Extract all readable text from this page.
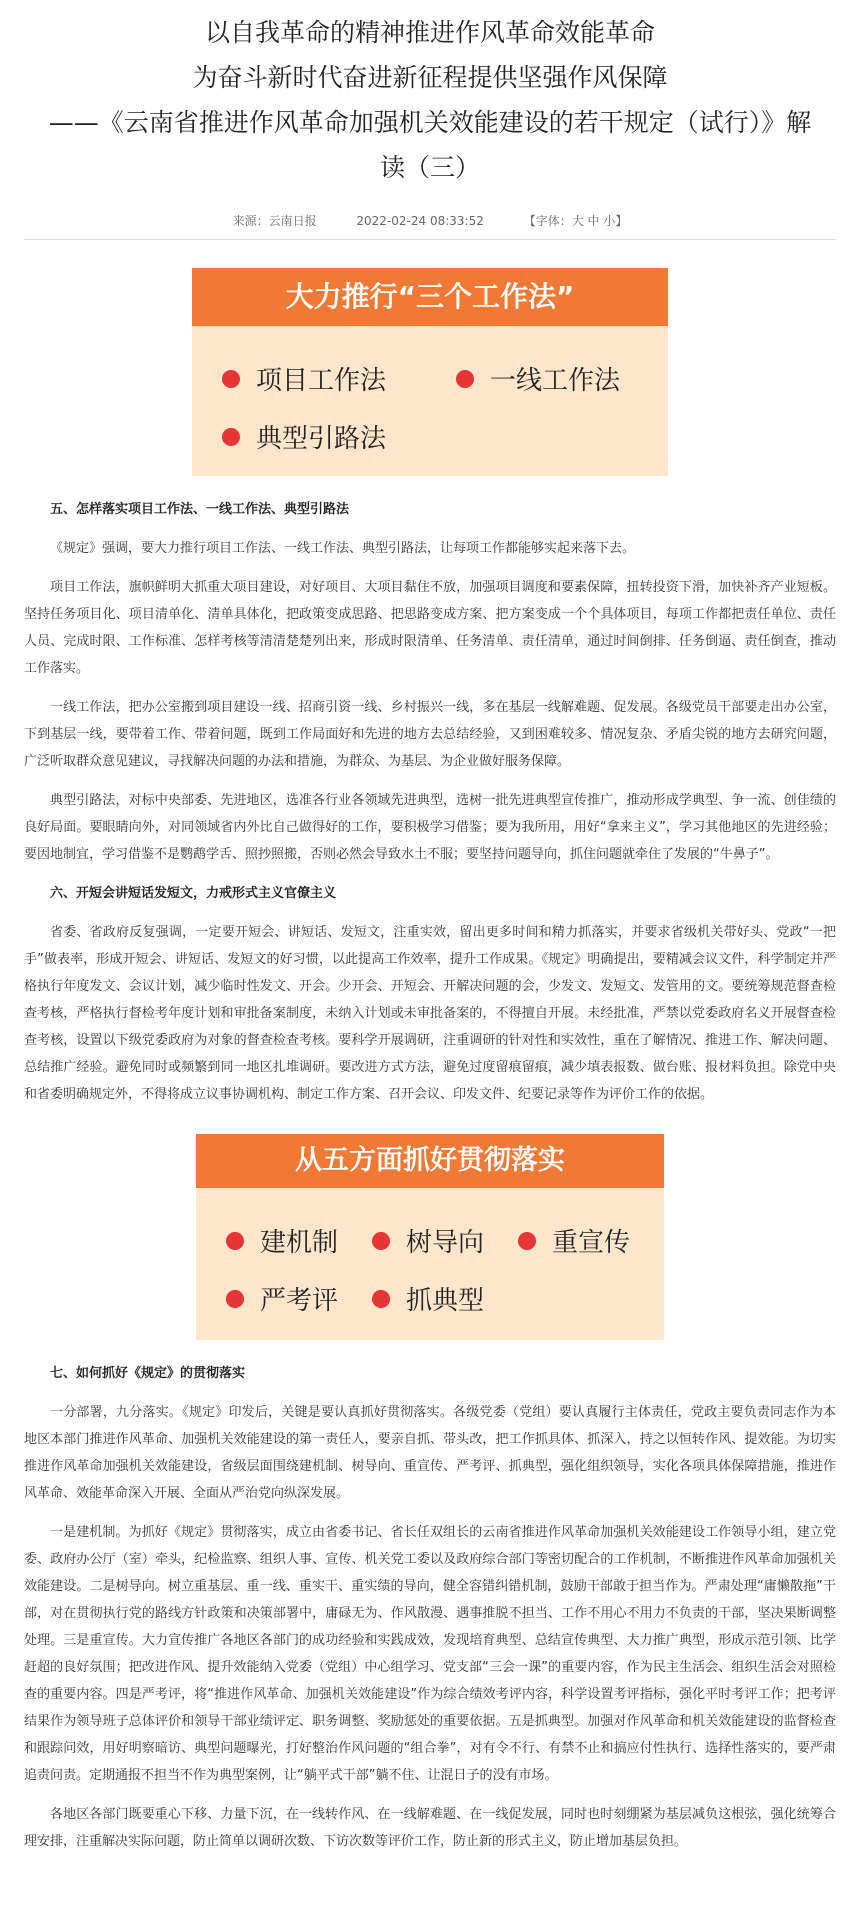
以自我革命的精神推进作风革命效能革命
为奋斗新时代奋进新征程提供坚强作风保障
——《云南省推进作风革命加强机关效能建设的若干规定（试行）》解
读（三）
来源：云南日报	2022-02-24 08:33:52	【字体：大 中 小】
大力推行“三个工作法”
项目工作法	一线工作法
典型引路法
五、怎样落实项目工作法、一线工作法、典型引路法

《规定》强调，要大力推行项目工作法、一线工作法、典型引路法，让每项工作都能够实起来落下去。

项目工作法，旗帜鲜明大抓重大项目建设，对好项目、大项目黏住不放，加强项目调度和要素保障，扭转投资下滑，加快补齐产业短板。坚持任务项目化、项目清单化、清单具体化，把政策变成思路、把思路变成方案、把方案变成一个个具体项目，每项工作都把责任单位、责任人员、完成时限、工作标准、怎样考核等清清楚楚列出来，形成时限清单、任务清单、责任清单，通过时间倒排、任务倒逼、责任倒查，推动工作落实。

一线工作法，把办公室搬到项目建设一线、招商引资一线、乡村振兴一线，多在基层一线解难题、促发展。各级党员干部要走出办公室，下到基层一线，要带着工作、带着问题，既到工作局面好和先进的地方去总结经验，又到困难较多、情况复杂、矛盾尖锐的地方去研究问题，广泛听取群众意见建议，寻找解决问题的办法和措施，为群众、为基层、为企业做好服务保障。

典型引路法，对标中央部委、先进地区，选准各行业各领域先进典型，选树一批先进典型宣传推广，推动形成学典型、争一流、创佳绩的良好局面。要眼睛向外，对同领域省内外比自己做得好的工作，要积极学习借鉴；要为我所用，用好“拿来主义”，学习其他地区的先进经验；要因地制宜，学习借鉴不是鹦鹉学舌、照抄照搬，否则必然会导致水土不服；要坚持问题导向，抓住问题就牵住了发展的“牛鼻子”。

六、开短会讲短话发短文，力戒形式主义官僚主义

省委、省政府反复强调，一定要开短会、讲短话、发短文，注重实效，留出更多时间和精力抓落实，并要求省级机关带好头、党政“一把手”做表率，形成开短会、讲短话、发短文的好习惯，以此提高工作效率，提升工作成果。《规定》明确提出，要精减会议文件，科学制定并严格执行年度发文、会议计划，减少临时性发文、开会。少开会、开短会、开解决问题的会，少发文、发短文、发管用的文。要统筹规范督查检查考核，严格执行督检考年度计划和审批备案制度，未纳入计划或未审批备案的，不得擅自开展。未经批准，严禁以党委政府名义开展督查检查考核，设置以下级党委政府为对象的督查检查考核。要科学开展调研，注重调研的针对性和实效性，重在了解情况、推进工作、解决问题、总结推广经验。避免同时或频繁到同一地区扎堆调研。要改进方式方法，避免过度留痕留痕，减少填表报数、做台账、报材料负担。除党中央和省委明确规定外，不得将成立议事协调机构、制定工作方案、召开会议、印发文件、纪要记录等作为评价工作的依据。

从五方面抓好贯彻落实
建机制	树导向	重宣传
严考评	抓典型
七、如何抓好《规定》的贯彻落实

一分部署，九分落实。《规定》印发后，关键是要认真抓好贯彻落实。各级党委（党组）要认真履行主体责任，党政主要负责同志作为本地区本部门推进作风革命、加强机关效能建设的第一责任人，要亲自抓、带头改，把工作抓具体、抓深入，持之以恒转作风、提效能。为切实推进作风革命加强机关效能建设，省级层面围绕建机制、树导向、重宣传、严考评、抓典型，强化组织领导，实化各项具体保障措施，推进作风革命、效能革命深入开展、全面从严治党向纵深发展。

一是建机制。为抓好《规定》贯彻落实，成立由省委书记、省长任双组长的云南省推进作风革命加强机关效能建设工作领导小组，建立党委、政府办公厅（室）牵头，纪检监察、组织人事、宣传、机关党工委以及政府综合部门等密切配合的工作机制，不断推进作风革命加强机关效能建设。二是树导向。树立重基层、重一线、重实干、重实绩的导向，健全容错纠错机制，鼓励干部敢于担当作为。严肃处理“庸懒散拖”干部，对在贯彻执行党的路线方针政策和决策部署中，庸碌无为、作风散漫、遇事推脱不担当、工作不用心不用力不负责的干部，坚决果断调整处理。三是重宣传。大力宣传推广各地区各部门的成功经验和实践成效，发现培育典型、总结宣传典型、大力推广典型，形成示范引领、比学赶超的良好氛围；把改进作风、提升效能纳入党委（党组）中心组学习、党支部“三会一课”的重要内容，作为民主生活会、组织生活会对照检查的重要内容。四是严考评，将“推进作风革命、加强机关效能建设”作为综合绩效考评内容，科学设置考评指标，强化平时考评工作；把考评结果作为领导班子总体评价和领导干部业绩评定、职务调整、奖励惩处的重要依据。五是抓典型。加强对作风革命和机关效能建设的监督检查和跟踪问效，用好明察暗访、典型问题曝光，打好整治作风问题的“组合拳”，对有令不行、有禁不止和搞应付性执行、选择性落实的，要严肃追责问责。定期通报不担当不作为典型案例，让“躺平式干部”躺不住、让混日子的没有市场。

各地区各部门既要重心下移、力量下沉，在一线转作风、在一线解难题、在一线促发展，同时也时刻绷紧为基层减负这根弦，强化统筹合理安排，注重解决实际问题，防止简单以调研次数、下访次数等评价工作，防止新的形式主义，防止增加基层负担。
